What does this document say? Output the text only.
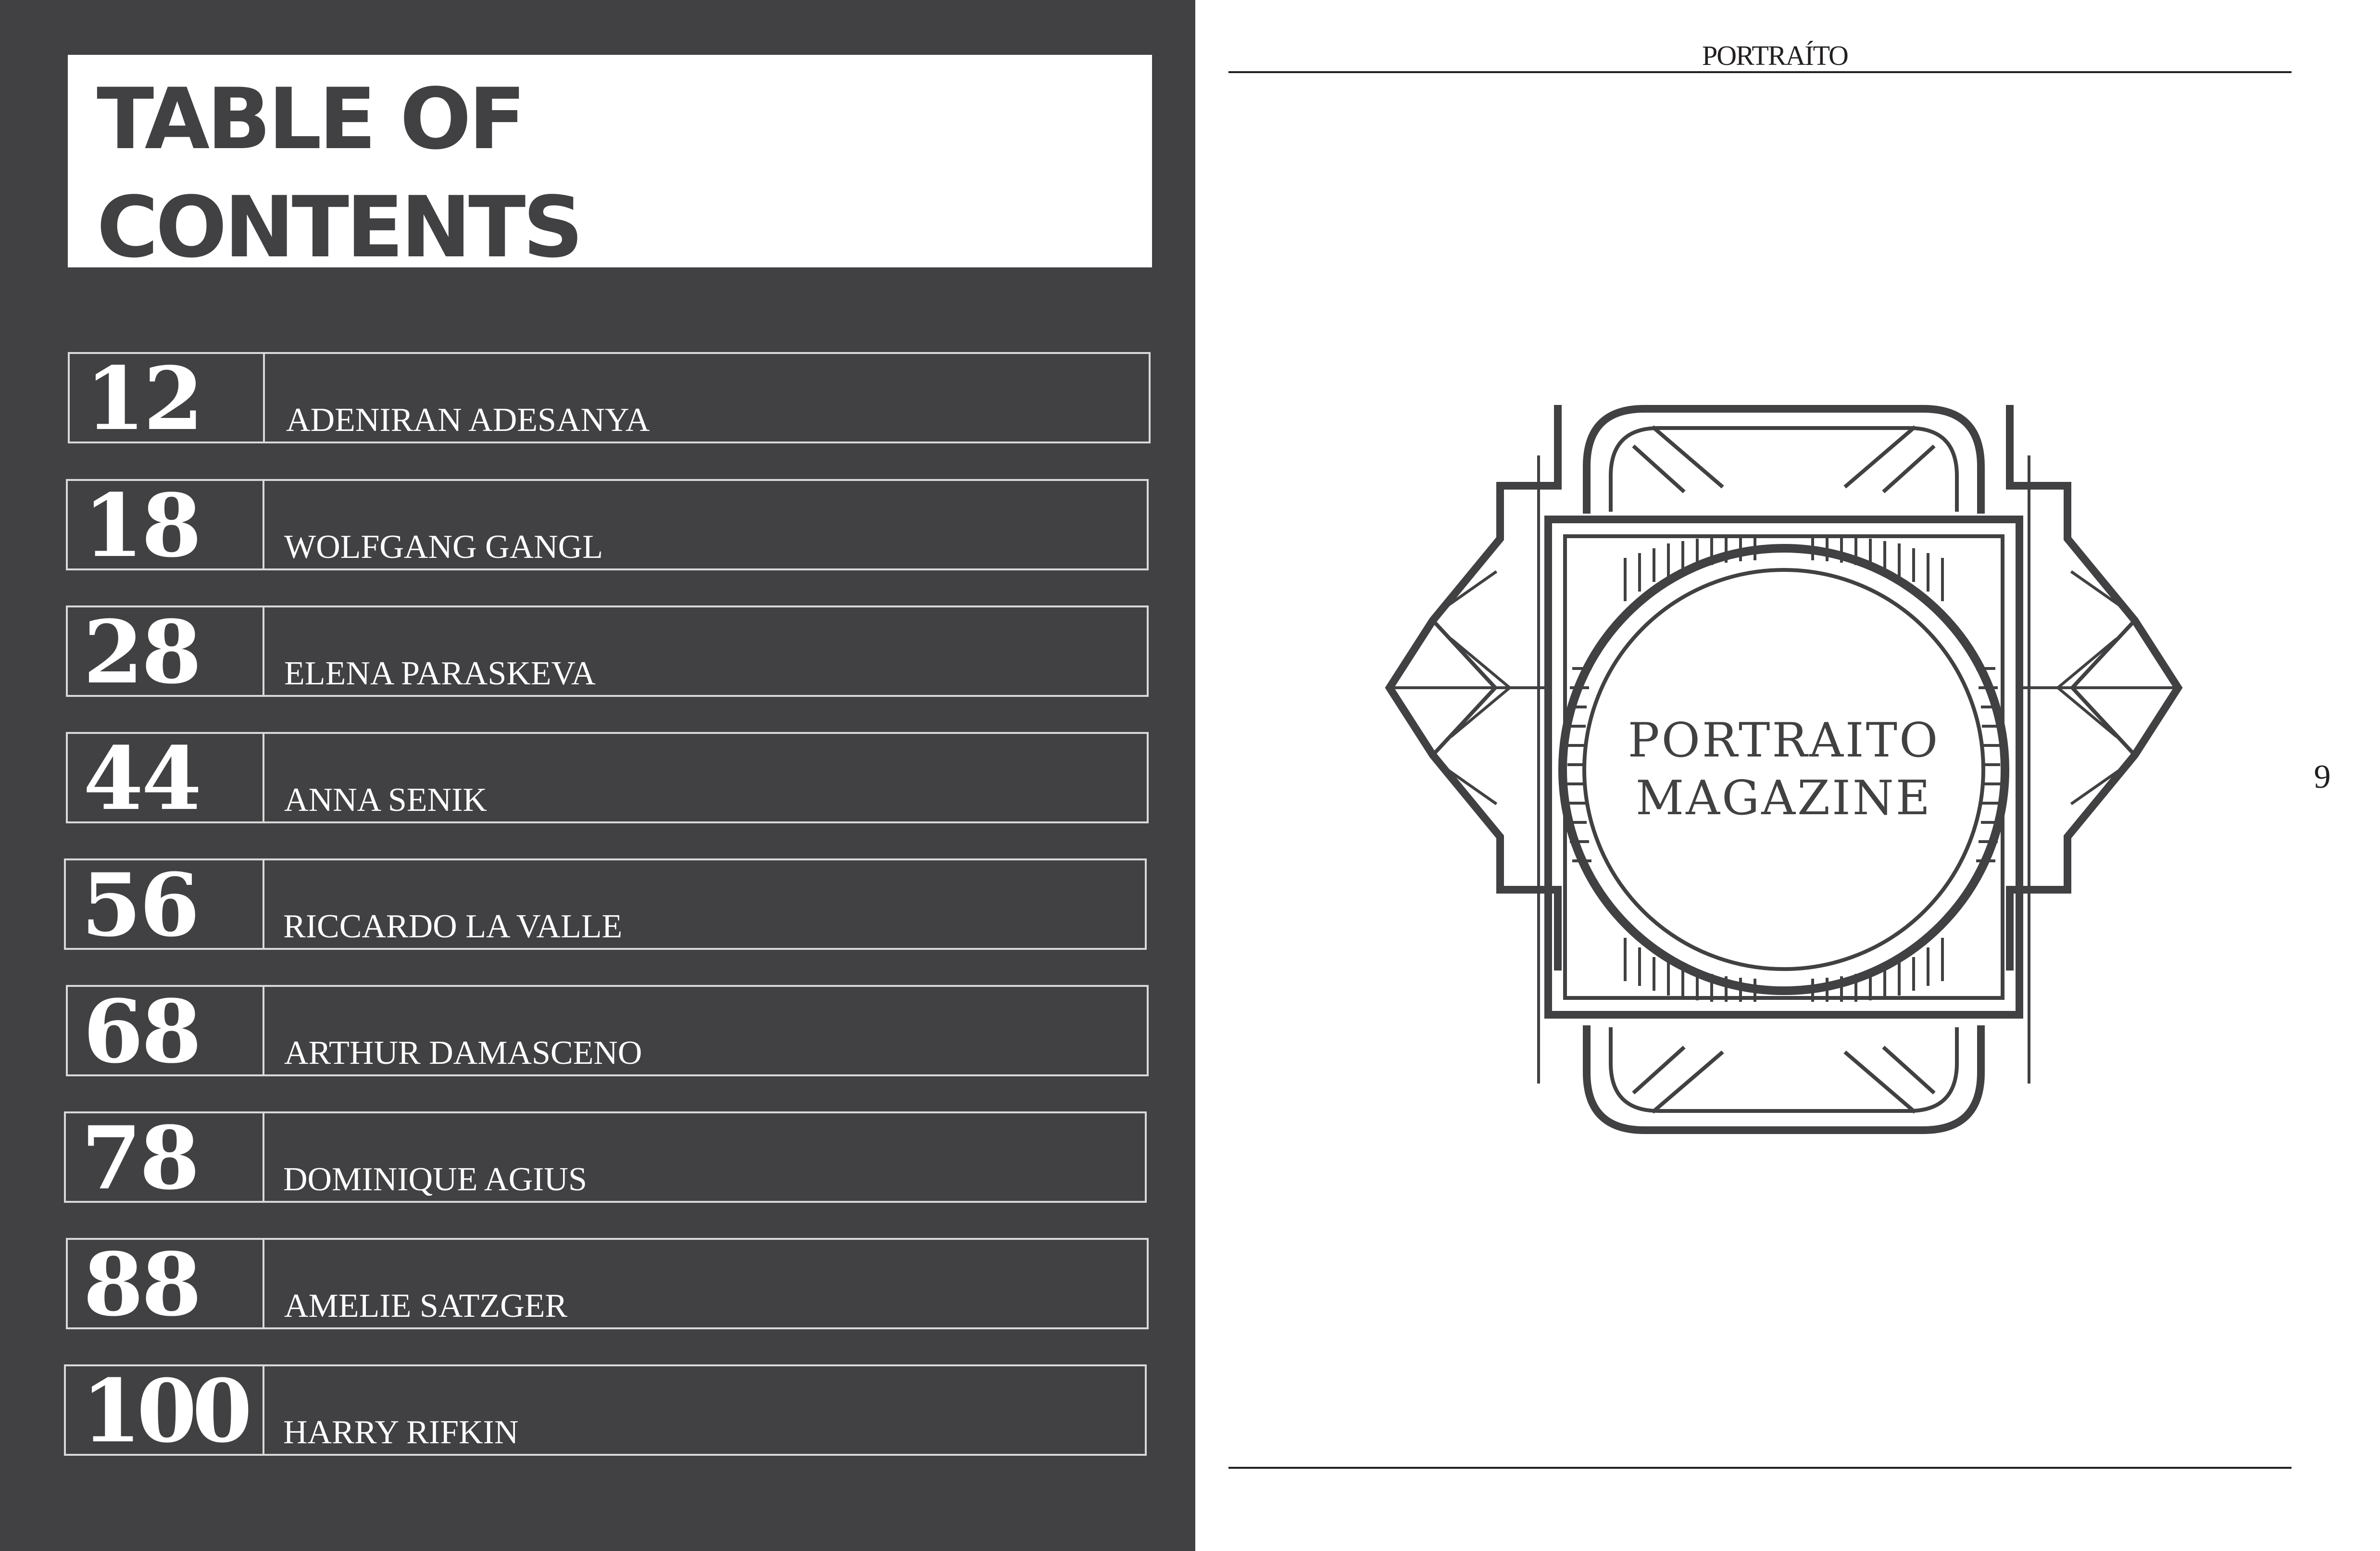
TABLE OF
CONTENTS
12	ADENIRAN ADESANYA
18	WOLFGANG GANGL
28	ELENA PARASKEVA
44	ANNA SENIK
56	RICCARDO LA VALLE
68	ARTHUR DAMASCENO
78	DOMINIQUE AGIUS
88	AMELIE SATZGER
100 HARRY RIFKIN
PORTRAÍTO
PORTRAITO
MAGAZINE	9
